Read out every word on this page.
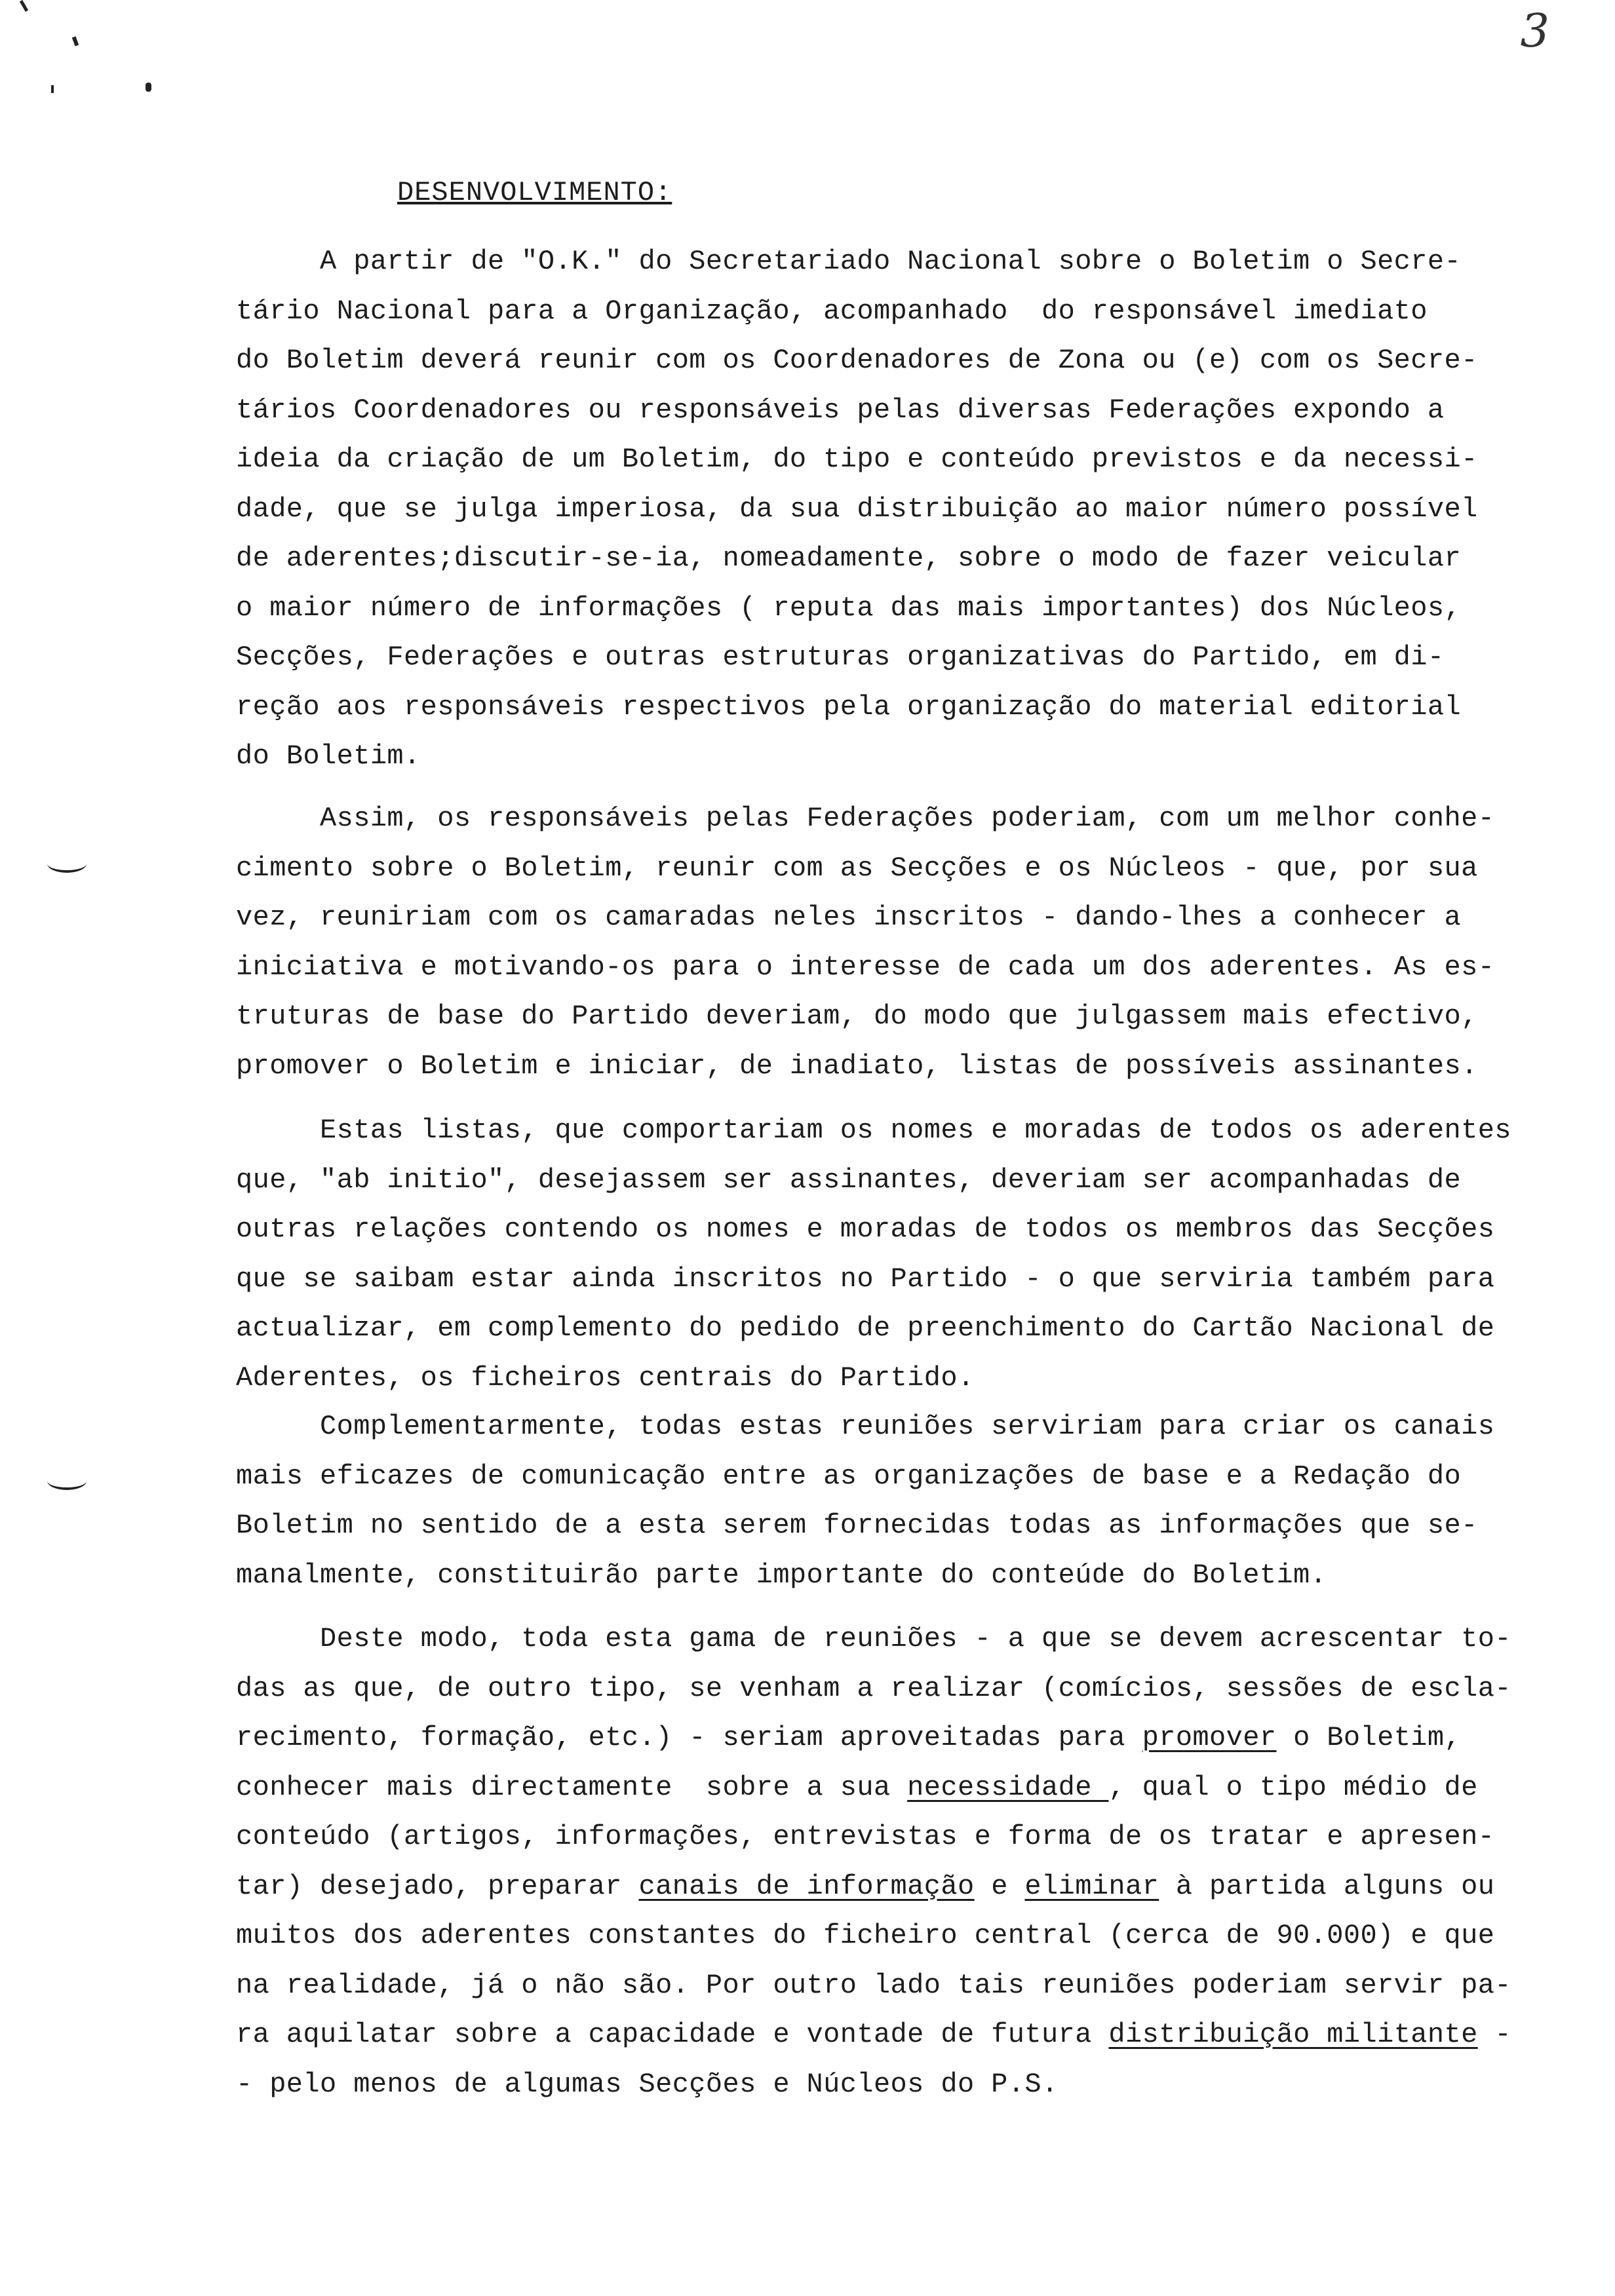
3
DESENVOLVIMENTO:
A partir de "O.K." do Secretariado Nacional sobre o Boletim o Secre-
tário Nacional para a Organização, acompanhado  do responsável imediato
do Boletim deverá reunir com os Coordenadores de Zona ou (e) com os Secre-
tários Coordenadores ou responsáveis pelas diversas Federações expondo a
ideia da criação de um Boletim, do tipo e conteúdo previstos e da necessi-
dade, que se julga imperiosa, da sua distribuição ao maior número possível
de aderentes;discutir-se-ia, nomeadamente, sobre o modo de fazer veicular
o maior número de informações ( reputa das mais importantes) dos Núcleos,
Secções, Federações e outras estruturas organizativas do Partido, em di-
reção aos responsáveis respectivos pela organização do material editorial
do Boletim.
Assim, os responsáveis pelas Federações poderiam, com um melhor conhe-
cimento sobre o Boletim, reunir com as Secções e os Núcleos - que, por sua
vez, reuniriam com os camaradas neles inscritos - dando-lhes a conhecer a
iniciativa e motivando-os para o interesse de cada um dos aderentes. As es-
truturas de base do Partido deveriam, do modo que julgassem mais efectivo,
promover o Boletim e iniciar, de inadiato, listas de possíveis assinantes.
Estas listas, que comportariam os nomes e moradas de todos os aderentes
que, "ab initio", desejassem ser assinantes, deveriam ser acompanhadas de
outras relações contendo os nomes e moradas de todos os membros das Secções
que se saibam estar ainda inscritos no Partido - o que serviria também para
actualizar, em complemento do pedido de preenchimento do Cartão Nacional de
Aderentes, os ficheiros centrais do Partido.
Complementarmente, todas estas reuniões serviriam para criar os canais
mais eficazes de comunicação entre as organizações de base e a Redação do
Boletim no sentido de a esta serem fornecidas todas as informações que se-
manalmente, constituirão parte importante do conteúde do Boletim.
Deste modo, toda esta gama de reuniões - a que se devem acrescentar to-
das as que, de outro tipo, se venham a realizar (comícios, sessões de escla-
recimento, formação, etc.) - seriam aproveitadas para promover o Boletim,
conhecer mais directamente  sobre a sua necessidade , qual o tipo médio de
conteúdo (artigos, informações, entrevistas e forma de os tratar e apresen-
tar) desejado, preparar canais de informação e eliminar à partida alguns ou
muitos dos aderentes constantes do ficheiro central (cerca de 90.000) e que
na realidade, já o não são. Por outro lado tais reuniões poderiam servir pa-
ra aquilatar sobre a capacidade e vontade de futura distribuição militante -
- pelo menos de algumas Secções e Núcleos do P.S.
